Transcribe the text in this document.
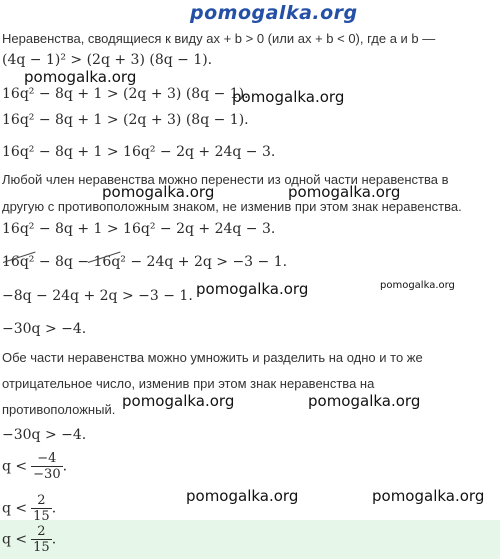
pomogalka.org
Неравенства, сводящиеся к виду ax + b > 0 (или ax + b < 0), где a и b —
(4q − 1)² > (2q + 3) (8q − 1).
pomogalka.org
16q² − 8q + 1 > (2q + 3) (8q − 1).
pomogalka.org
16q² − 8q + 1 > (2q + 3) (8q − 1).
16q² − 8q + 1 > 16q² − 2q + 24q − 3.
Любой член неравенства можно перенести из одной части неравенства в
pomogalka.org	pomogalka.org
другую с противоположным знаком, не изменив при этом знак неравенства.
16q² − 8q + 1 > 16q² − 2q + 24q − 3.
16q² − 8q − 16q² − 24q + 2q > −3 − 1.
−8q − 24q + 2q > −3 − 1. pomogalka.org	pomogalka.org
−30q > −4.
Обе части неравенства можно умножить и разделить на одно и то же
отрицательное число, изменив при этом знак неравенства на
противоположный. pomogalka.org	pomogalka.org
−30q > −4.
$q < \frac{-4}{-30}$ .
pomogalka.org	pomogalka.org
$q < \frac{2}{15}$ .
$q < \frac{2}{15}$ .
